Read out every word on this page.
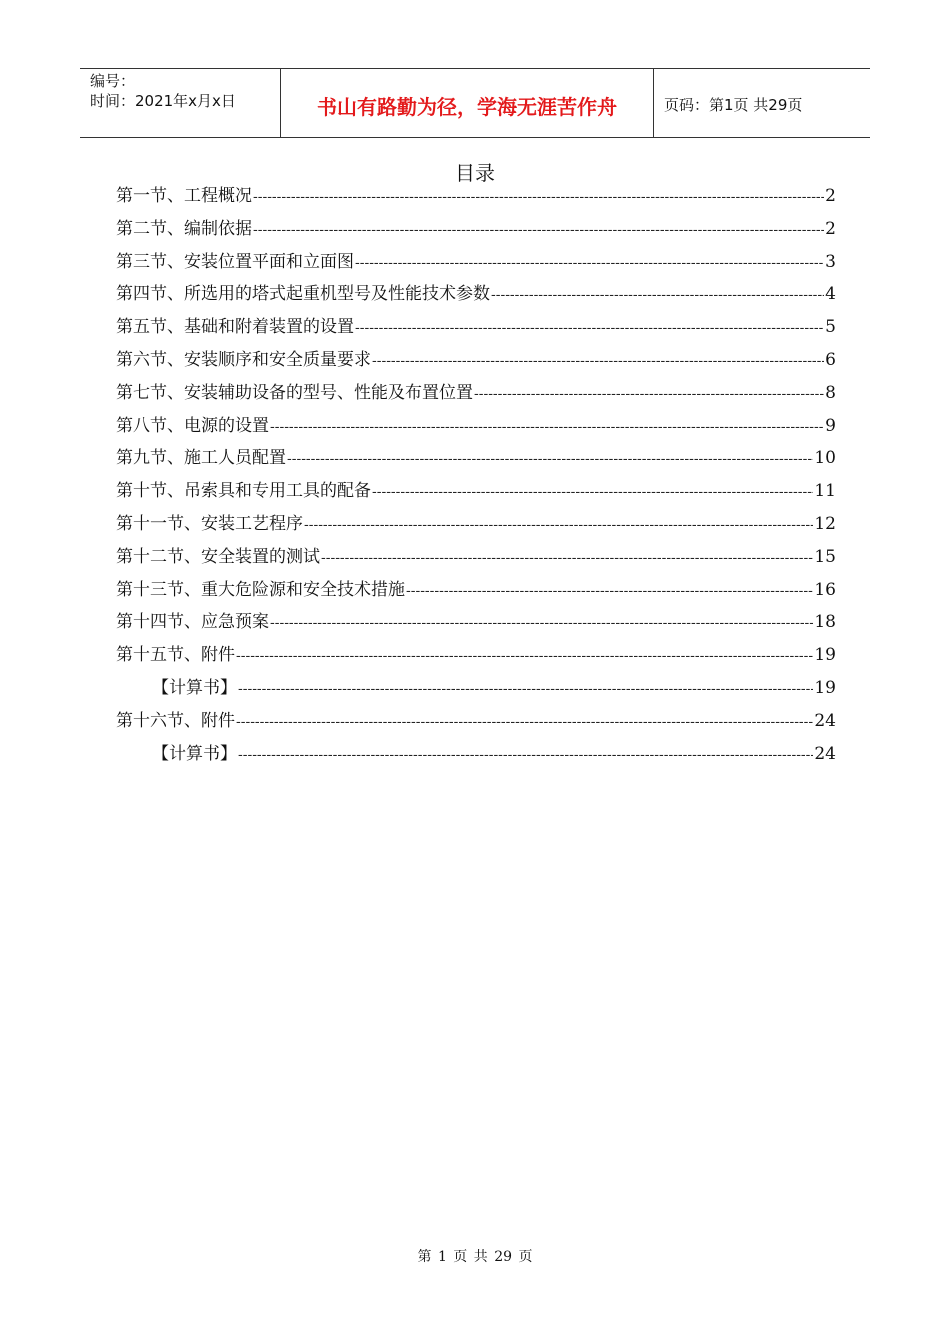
编号：
时间：2021年x月x日	书山有路勤为径，学海无涯苦作舟	页码：第1页 共29页
目录
第一节、工程概况 -----	2
第二节、编制依据 -----	2
第三节、安装位置平面和立面图 -----	3
第四节、所选用的塔式起重机型号及性能技术参数 -----	4
第五节、基础和附着装置的设置 -----	5
第六节、安装顺序和安全质量要求 -----	6
第七节、安装辅助设备的型号、性能及布置位置 -----	8
第八节、电源的设置 -----	9
第九节、施工人员配置 -----	10
第十节、吊索具和专用工具的配备 -----	11
第十一节、安装工艺程序 -----	12
第十二节、安全装置的测试 -----	15
第十三节、重大危险源和安全技术措施 -----	16
第十四节、应急预案 -----	18
第十五节、附件 -----	19
【计算书】 -----	19
第十六节、附件 -----	24
【计算书】 -----	24
第 1 页 共 29 页
